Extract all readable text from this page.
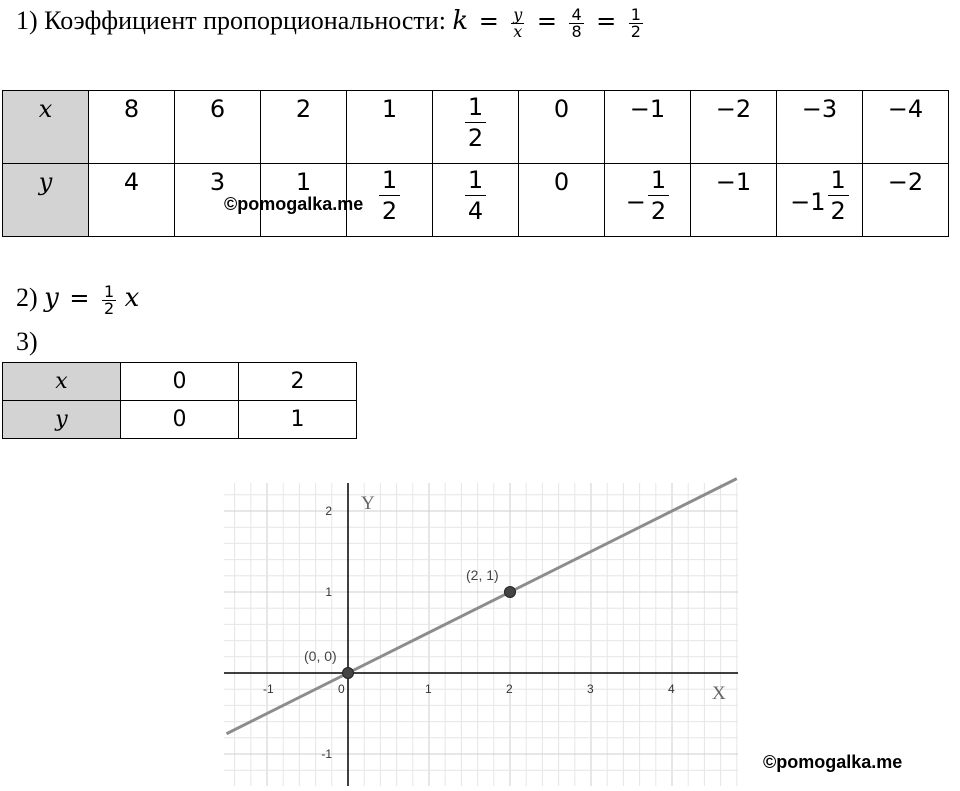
1) Коэффициент пропорциональности: $k = \frac{y}{x} = \frac{4}{8} = \frac{1}{2}$
x	8	6	2	1	$\frac{1}{2}$	0	−1	−2	−3	−4
y	4	3	1	$\frac{1}{2}$	$\frac{1}{4}$	0	− $\frac{1}{2}$	−1	$-1 \frac{1}{2}$	−2
©pomogalka.me
2) $y = \frac{1}{2}$ x
3)
x	0	2
y	0	1
X
Y
-1	0	1	2	3	4
-1
1
2
(0, 0)
(2, 1)
©pomogalka.me
